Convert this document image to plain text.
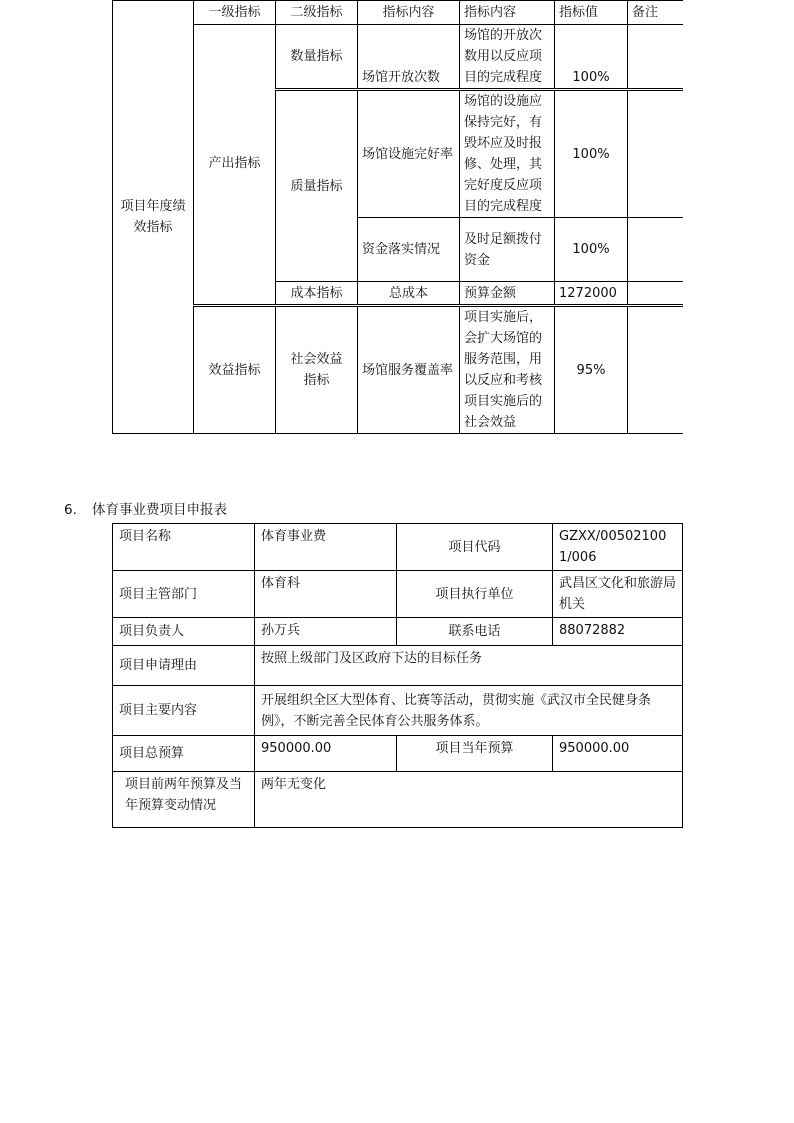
项目年度绩效指标	一级指标	二级指标	指标内容	指标内容	指标值	备注
	产出指标	数量指标	场馆开放次数	场馆的开放次数用以反应项目的完成程度	100%	
		质量指标	场馆设施完好率	场馆的设施应保持完好，有毁坏应及时报修、处理，其完好度反应项目的完成程度	100%	
			资金落实情况	及时足额拨付资金	100%	
		成本指标	总成本	预算金额	1272000	
	效益指标	社会效益指标	场馆服务覆盖率	项目实施后，会扩大场馆的服务范围，用以反应和考核项目实施后的社会效益	95%	
6. 体育事业费项目申报表
项目名称	体育事业费	项目代码	GZXX/005021001/006
项目主管部门	体育科	项目执行单位	武昌区文化和旅游局机关
项目负责人	孙万兵	联系电话	88072882
项目申请理由	按照上级部门及区政府下达的目标任务		
项目主要内容	开展组织全区大型体育、比赛等活动，贯彻实施《武汉市全民健身条例》，不断完善全民体育公共服务体系。		
项目总预算	950000.00	项目当年预算	950000.00
项目前两年预算及当年预算变动情况	两年无变化		
